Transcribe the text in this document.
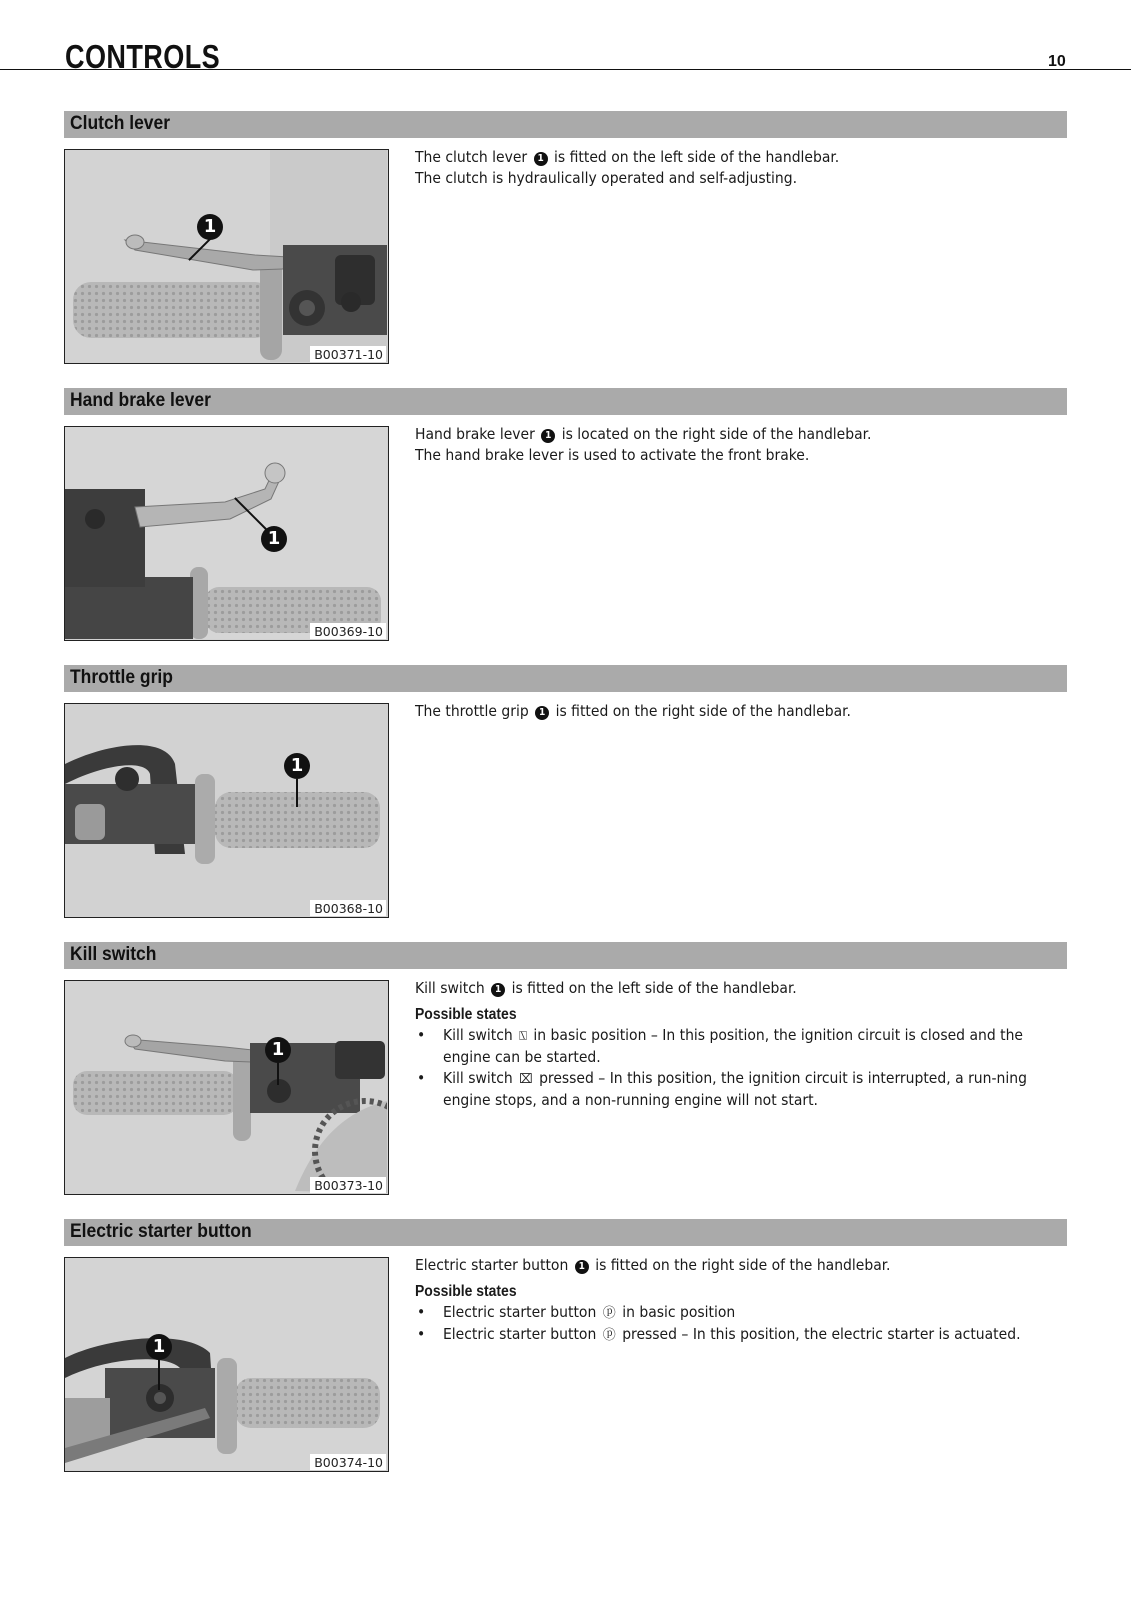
CONTROLS	10
Clutch lever
1
B00371-10

The clutch lever 1 is fitted on the left side of the handlebar.

The clutch is hydraulically operated and self-adjusting.

Hand brake lever
1
B00369-10

Hand brake lever 1 is located on the right side of the handlebar.

The hand brake lever is used to activate the front brake.

Throttle grip
1
B00368-10

The throttle grip 1 is fitted on the right side of the handlebar.

Kill switch
1
B00373-10

Kill switch 1 is fitted on the left side of the handlebar.

Possible states
• Kill switch ⍂ in basic position – In this position, the ignition circuit is closed and the engine can be started.
• Kill switch ⌧ pressed – In this position, the ignition circuit is interrupted, a run-ning engine stops, and a non-running engine will not start.
Electric starter button
1
B00374-10

Electric starter button 1 is fitted on the right side of the handlebar.

Possible states
• Electric starter button ⓟ in basic position
• Electric starter button ⓟ pressed – In this position, the electric starter is actuated.
